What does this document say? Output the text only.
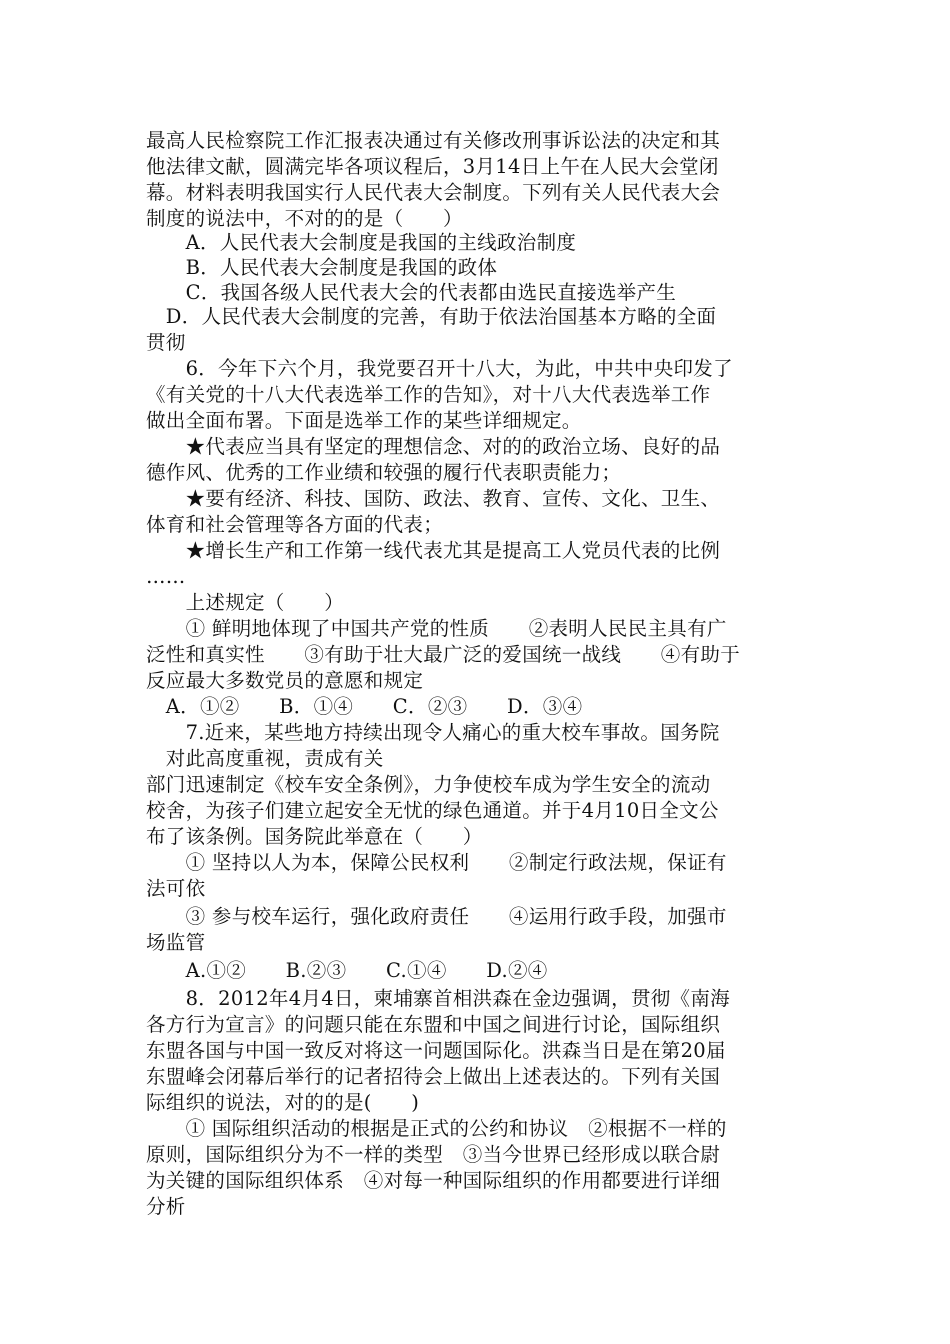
最高人民检察院工作汇报表决通过有关修改刑事诉讼法的决定和其
他法律文献，圆满完毕各项议程后，3月14日上午在人民大会堂闭
幕。材料表明我国实行人民代表大会制度。下列有关人民代表大会
制度的说法中，不对的的是（　　）
　　A．人民代表大会制度是我国的主线政治制度
　　B．人民代表大会制度是我国的政体
　　C．我国各级人民代表大会的代表都由选民直接选举产生
　D．人民代表大会制度的完善，有助于依法治国基本方略的全面
贯彻
　　6．今年下六个月，我党要召开十八大，为此，中共中央印发了
《有关党的十八大代表选举工作的告知》，对十八大代表选举工作
做出全面布署。下面是选举工作的某些详细规定。
　　★代表应当具有坚定的理想信念、对的的政治立场、良好的品
德作风、优秀的工作业绩和较强的履行代表职责能力；
　　★要有经济、科技、国防、政法、教育、宣传、文化、卫生、
体育和社会管理等各方面的代表；
　　★增长生产和工作第一线代表尤其是提高工人党员代表的比例
……
　　上述规定（　　）
　　① 鲜明地体现了中国共产党的性质　　②表明人民民主具有广
泛性和真实性　　③有助于壮大最广泛的爱国统一战线　　④有助于
反应最大多数党员的意愿和规定
　A．①②　　B．①④　　C．②③　　D．③④
　　7.近来，某些地方持续出现令人痛心的重大校车事故。国务院
　对此高度重视，责成有关
部门迅速制定《校车安全条例》，力争使校车成为学生安全的流动
校舍，为孩子们建立起安全无忧的绿色通道。并于4月10日全文公
布了该条例。国务院此举意在（　　）
　　① 坚持以人为本，保障公民权利　　②制定行政法规，保证有
法可依
　　③ 参与校车运行，强化政府责任　　④运用行政手段，加强市
场监管
　　A.①②　　B.②③　　C.①④　　D.②④
　　8．2012年4月4日，柬埔寨首相洪森在金边强调，贯彻《南海
各方行为宣言》的问题只能在东盟和中国之间进行讨论，国际组织
东盟各国与中国一致反对将这一问题国际化。洪森当日是在第20届
东盟峰会闭幕后举行的记者招待会上做出上述表达的。下列有关国
际组织的说法，对的的是(　　)
　　① 国际组织活动的根据是正式的公约和协议　②根据不一样的
原则，国际组织分为不一样的类型　③当今世界已经形成以联合尉
为关键的国际组织体系　④对每一种国际组织的作用都要进行详细
分析
